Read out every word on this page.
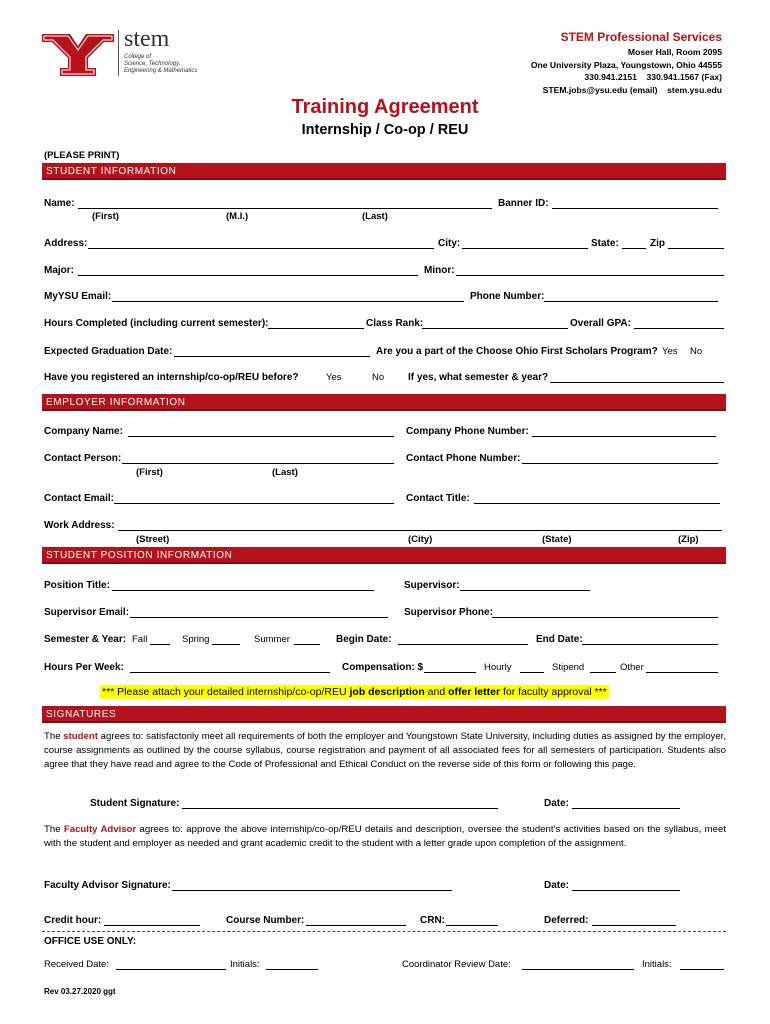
stem
College of
Science, Technology,
Engineering & Mathematics
STEM Professional Services
Moser Hall, Room 2095
One University Plaza, Youngstown, Ohio 44555
330.941.2151    330.941.1567 (Fax)
STEM.jobs@ysu.edu (email)    stem.ysu.edu
Training Agreement
Internship / Co-op / REU
(PLEASE PRINT)
STUDENT INFORMATION
Name:	Banner ID:
(First)	(M.I.)	(Last)
Address:	City:	State:	Zip
Major:	Minor:
MyYSU Email:	Phone Number:
Hours Completed (including current semester):	Class Rank:	Overall GPA:
Expected Graduation Date:	Are you a part of the Choose Ohio First Scholars Program? Yes No
Have you registered an internship/co-op/REU before?	Yes	No If yes, what semester & year?
EMPLOYER INFORMATION
Company Name:	Company Phone Number:
Contact Person:	Contact Phone Number:
(First)	(Last)
Contact Email:	Contact Title:
Work Address:
(Street)	(City)	(State)	(Zip)
STUDENT POSITION INFORMATION
Position Title:	Supervisor:
Supervisor Email:	Supervisor Phone:
Semester & Year: Fall	Spring	Summer	Begin Date:	End Date:
Hours Per Week:	Compensation: $	Hourly	Stipend	Other
*** Please attach your detailed internship/co-op/REU job description and offer letter for faculty approval ***
SIGNATURES
The student agrees to: satisfactorily meet all requirements of both the employer and Youngstown State University, including duties as assigned by the employer, course assignments as outlined by the course syllabus, course registration and payment of all associated fees for all semesters of participation. Students also agree that they have read and agree to the Code of Professional and Ethical Conduct on the reverse side of this form or following this page.
Student Signature:	Date:
The Faculty Advisor agrees to: approve the above internship/co-op/REU details and description, oversee the student’s activities based on the syllabus, meet with the student and employer as needed and grant academic credit to the student with a letter grade upon completion of the assignment.
Faculty Advisor Signature:	Date:
Credit hour:	Course Number:	CRN:	Deferred:
OFFICE USE ONLY:
Received Date:	Initials:	Coordinator Review Date:	Initials:
Rev 03.27.2020 ggt
